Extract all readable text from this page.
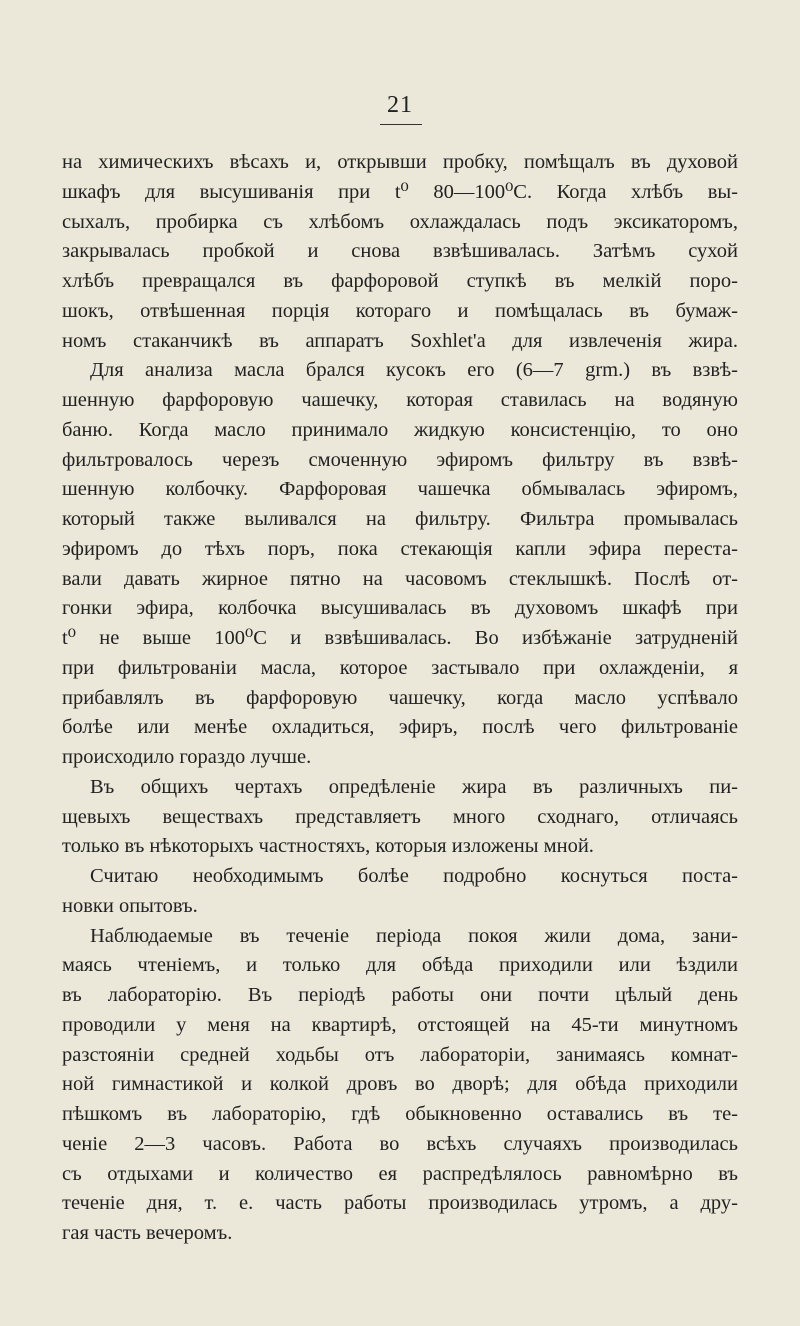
21
на химическихъ вѣсахъ и, открывши пробку, помѣщалъ въ духовой
шкафъ для высушиванія при t⁰ 80—100⁰C. Когда хлѣбъ вы-
сыхалъ, пробирка съ хлѣбомъ охлаждалась подъ эксикаторомъ,
закрывалась пробкой и снова взвѣшивалась. Затѣмъ сухой
хлѣбъ превращался въ фарфоровой ступкѣ въ мелкій поро-
шокъ, отвѣшенная порція котораго и помѣщалась въ бумаж-
номъ стаканчикѣ въ аппаратъ Soxhlet'а для извлеченія жира.
Для анализа масла брался кусокъ его (6—7 grm.) въ взвѣ-
шенную фарфоровую чашечку, которая ставилась на водяную
баню. Когда масло принимало жидкую консистенцію, то оно
фильтровалось черезъ смоченную эфиромъ фильтру въ взвѣ-
шенную колбочку. Фарфоровая чашечка обмывалась эфиромъ,
который также выливался на фильтру. Фильтра промывалась
эфиромъ до тѣхъ поръ, пока стекающія капли эфира переста-
вали давать жирное пятно на часовомъ стеклышкѣ. Послѣ от-
гонки эфира, колбочка высушивалась въ духовомъ шкафѣ при
t⁰ не выше 100⁰C и взвѣшивалась. Во избѣжаніе затрудненій
при фильтрованіи масла, которое застывало при охлажденіи, я
прибавлялъ въ фарфоровую чашечку, когда масло успѣвало
болѣе или менѣе охладиться, эфиръ, послѣ чего фильтрованіе
происходило гораздо лучше.
Въ общихъ чертахъ опредѣленіе жира въ различныхъ пи-
щевыхъ веществахъ представляетъ много сходнаго, отличаясь
только въ нѣкоторыхъ частностяхъ, которыя изложены мной.
Считаю необходимымъ болѣе подробно коснуться поста-
новки опытовъ.
Наблюдаемые въ теченіе періода покоя жили дома, зани-
маясь чтеніемъ, и только для обѣда приходили или ѣздили
въ лабораторію. Въ періодѣ работы они почти цѣлый день
проводили у меня на квартирѣ, отстоящей на 45-ти минутномъ
разстояніи средней ходьбы отъ лабораторіи, занимаясь комнат-
ной гимнастикой и колкой дровъ во дворѣ; для обѣда приходили
пѣшкомъ въ лабораторію, гдѣ обыкновенно оставались въ те-
ченіе 2—3 часовъ. Работа во всѣхъ случаяхъ производилась
съ отдыхами и количество ея распредѣлялось равномѣрно въ
теченіе дня, т. е. часть работы производилась утромъ, а дру-
гая часть вечеромъ.
